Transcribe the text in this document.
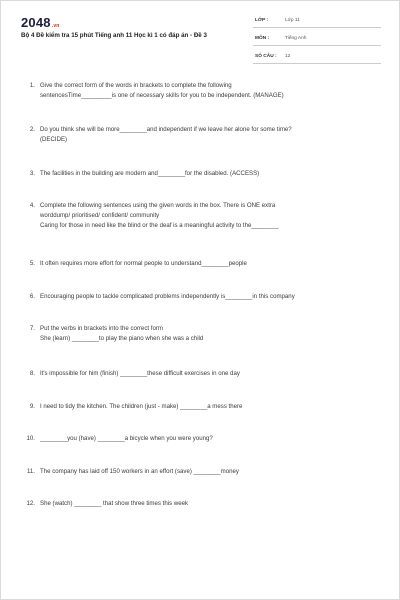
2048.vn
Bộ 4 Đề kiểm tra 15 phút Tiếng anh 11 Học kì 1 có đáp án - Đề 3
LỚP :	Lớp 11
MÔN :	Tiếng Anh
SỐ CÂU : 12
1. Give the correct form of the words in brackets to complete the following
sentencesTime_________is one of necessary skills for you to be independent. (MANAGE)
2. Do you think she will be more________and independent if we leave her alone for some time?
(DECIDE)
3. The facilities in the building are modern and________for the disabled. (ACCESS)
4. Complete the following sentences using the given words in the box. There is ONE extra
worddump/ prioritised/ confident/ community
Caring for those in need like the blind or the deaf is a meaningful activity to the________
5. It often requires more effort for normal people to understand________people
6. Encouraging people to tackle complicated problems independently is________in this company
7. Put the verbs in brackets into the correct form
She (learn) ________to play the piano when she was a child
8. It's impossible for him (finish) ________these difficult exercises in one day
9. I need to tidy the kitchen. The children (just - make) ________a mess there
10. ________you (have) ________a bicycle when you were young?
11. The company has laid off 150 workers in an effort (save) ________money
12. She (watch) ________ that show three times this week
